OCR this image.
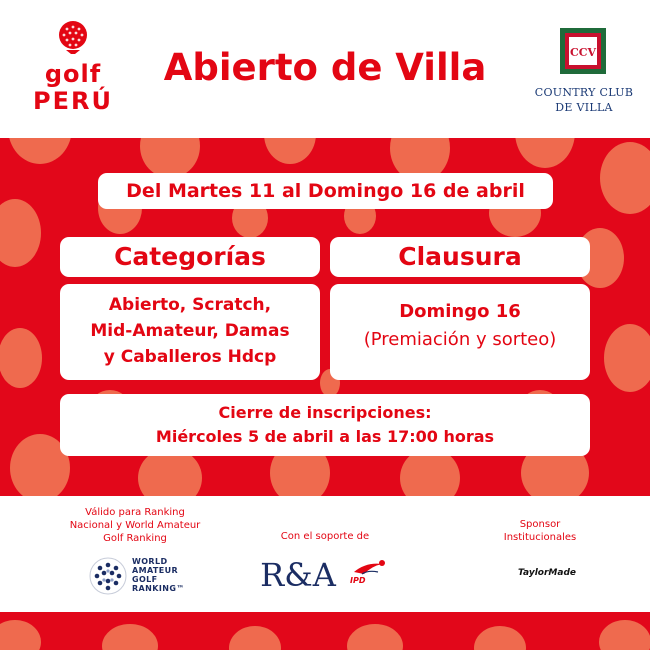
golf
PERÚ
Abierto de Villa	CCV
COUNTRY CLUB
DE VILLA
Del Martes 11 al Domingo 16 de abril
Categorías	Clausura
Abierto, Scratch,
Mid-Amateur, Damas
y Caballeros Hdcp
Domingo 16
(Premiación y sorteo)
Cierre de inscripciones:
Miércoles 5 de abril a las 17:00 horas
Válido para Ranking
Nacional y World Amateur
Golf Ranking
WORLD
AMATEUR
GOLF
RANKING™
Con el soporte de
R&A IPD
Sponsor
Institucionales
TaylorMade
